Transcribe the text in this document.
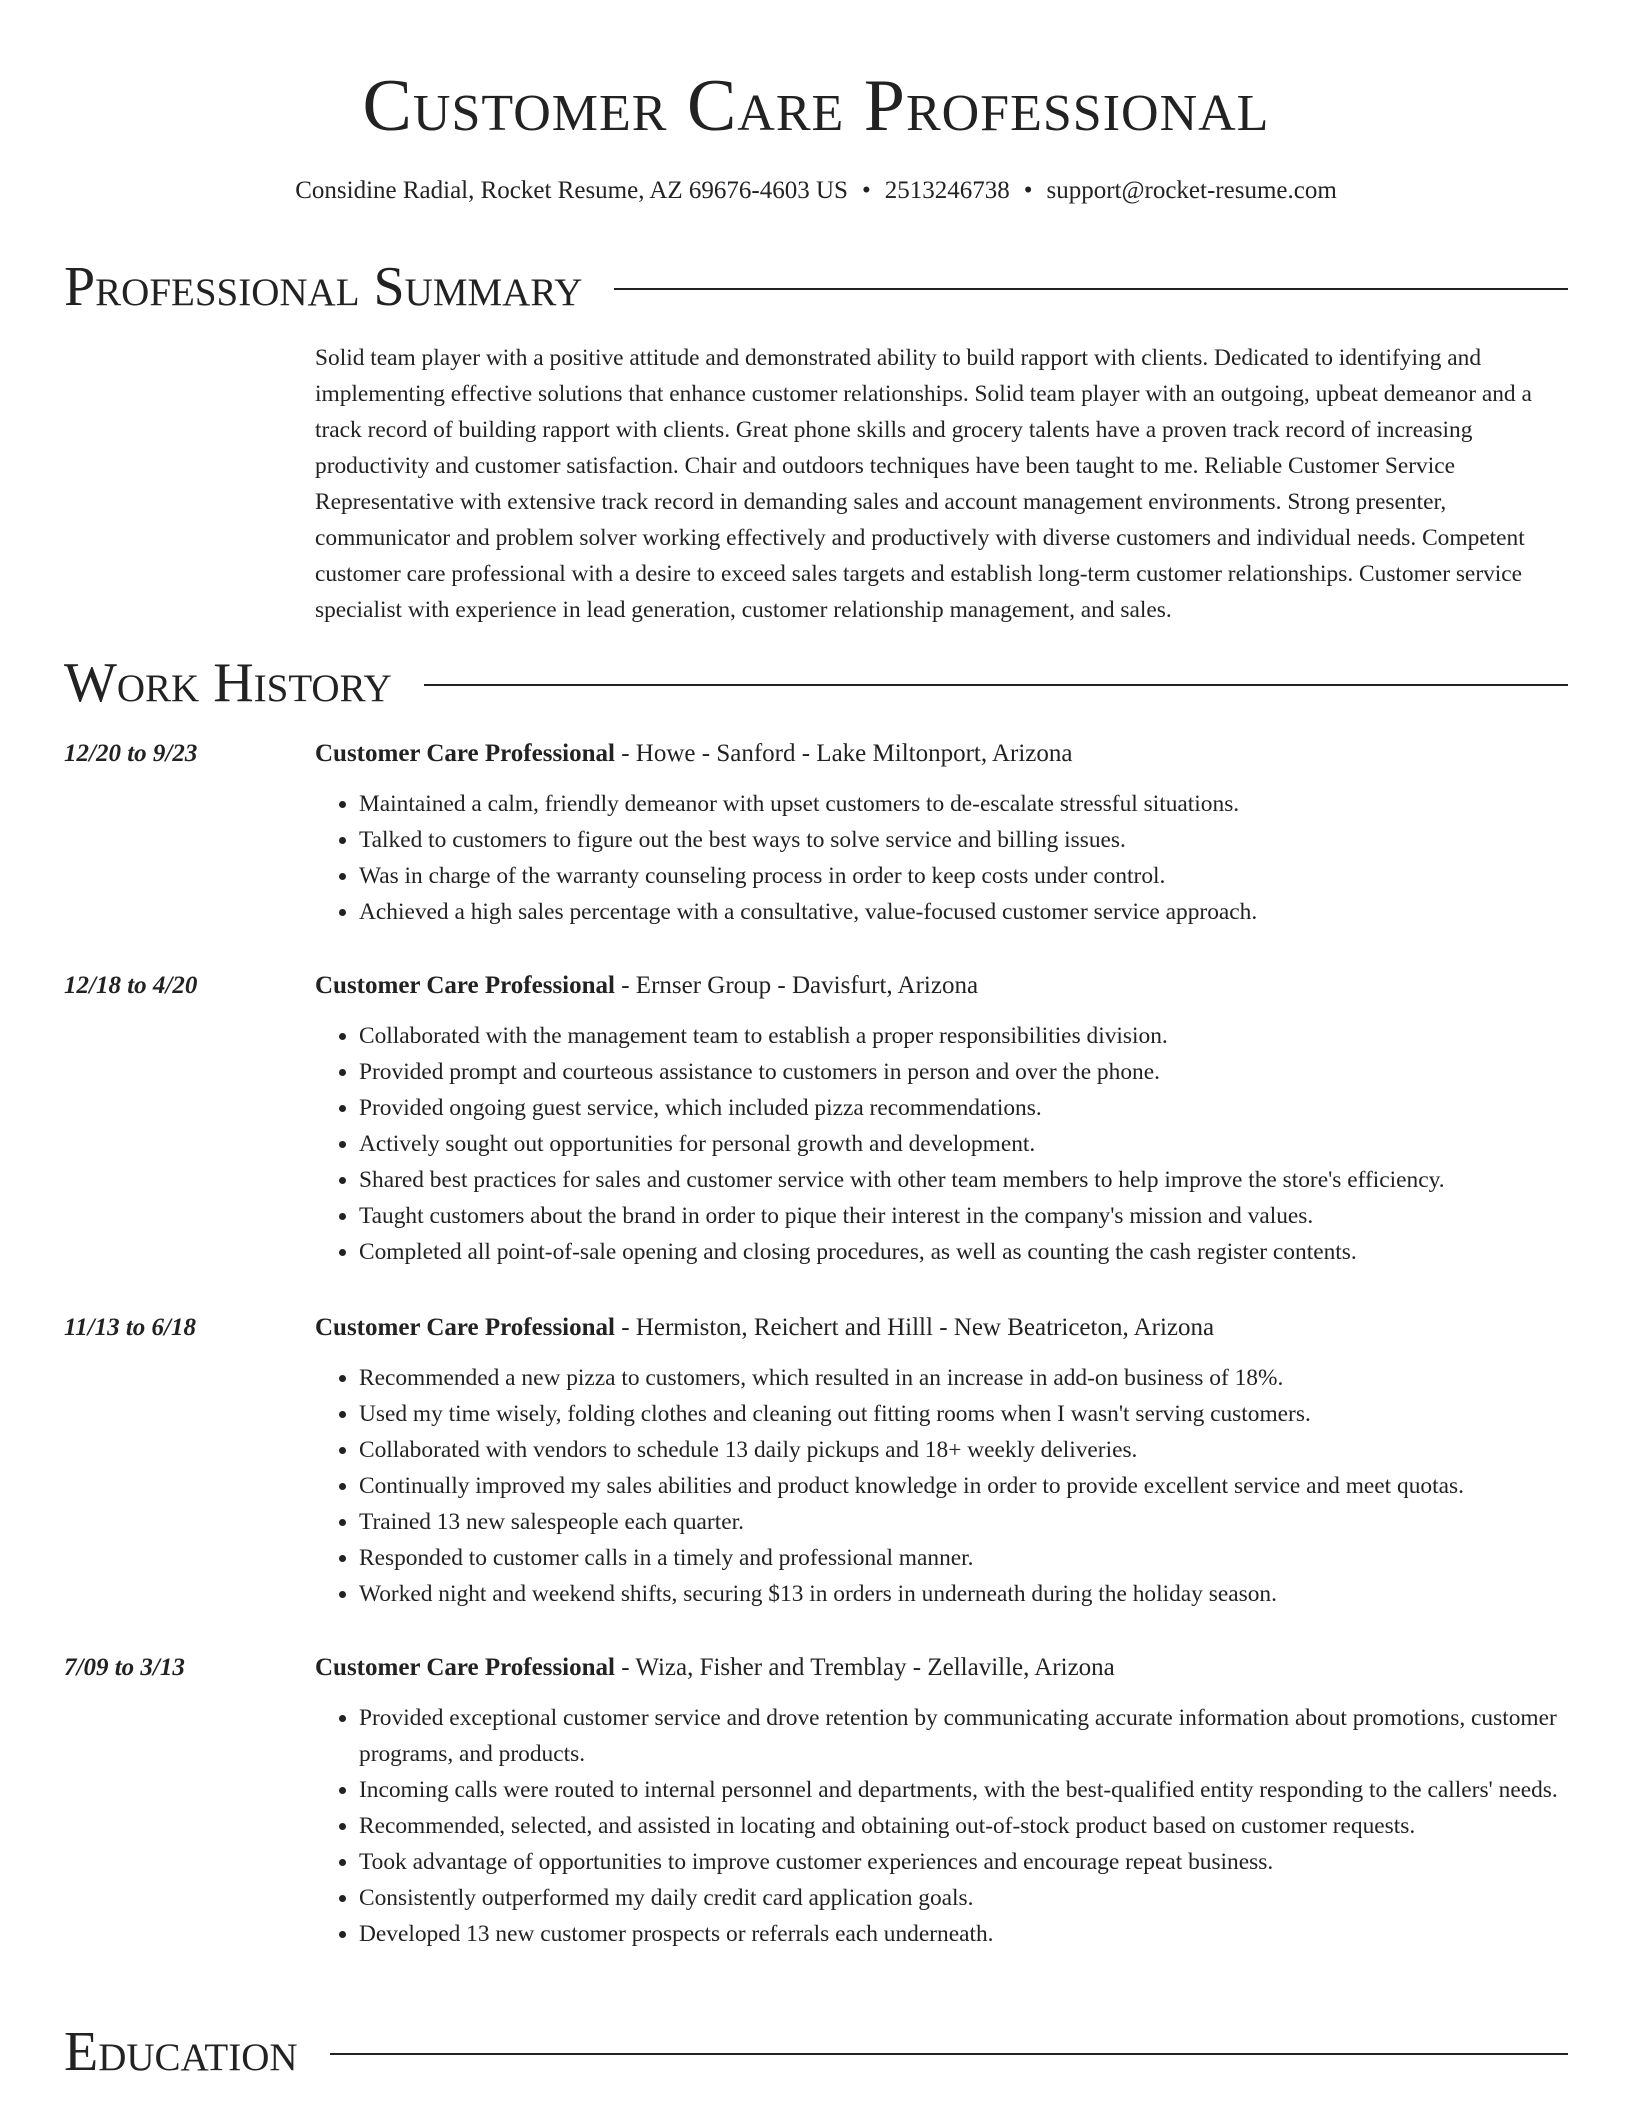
Customer Care Professional
Considine Radial, Rocket Resume, AZ 69676-4603 US • 2513246738 • support@rocket-resume.com
Professional Summary
Solid team player with a positive attitude and demonstrated ability to build rapport with clients. Dedicated to identifying and implementing effective solutions that enhance customer relationships. Solid team player with an outgoing, upbeat demeanor and a track record of building rapport with clients. Great phone skills and grocery talents have a proven track record of increasing productivity and customer satisfaction. Chair and outdoors techniques have been taught to me. Reliable Customer Service Representative with extensive track record in demanding sales and account management environments. Strong presenter, communicator and problem solver working effectively and productively with diverse customers and individual needs. Competent customer care professional with a desire to exceed sales targets and establish long-term customer relationships. Customer service specialist with experience in lead generation, customer relationship management, and sales.
Work History
12/20 to 9/23	Customer Care Professional - Howe - Sanford - Lake Miltonport, Arizona
• Maintained a calm, friendly demeanor with upset customers to de-escalate stressful situations.
• Talked to customers to figure out the best ways to solve service and billing issues.
• Was in charge of the warranty counseling process in order to keep costs under control.
• Achieved a high sales percentage with a consultative, value-focused customer service approach.
12/18 to 4/20	Customer Care Professional - Ernser Group - Davisfurt, Arizona
• Collaborated with the management team to establish a proper responsibilities division.
• Provided prompt and courteous assistance to customers in person and over the phone.
• Provided ongoing guest service, which included pizza recommendations.
• Actively sought out opportunities for personal growth and development.
• Shared best practices for sales and customer service with other team members to help improve the store's efficiency.
• Taught customers about the brand in order to pique their interest in the company's mission and values.
• Completed all point-of-sale opening and closing procedures, as well as counting the cash register contents.
11/13 to 6/18	Customer Care Professional - Hermiston, Reichert and Hilll - New Beatriceton, Arizona
• Recommended a new pizza to customers, which resulted in an increase in add-on business of 18%.
• Used my time wisely, folding clothes and cleaning out fitting rooms when I wasn't serving customers.
• Collaborated with vendors to schedule 13 daily pickups and 18+ weekly deliveries.
• Continually improved my sales abilities and product knowledge in order to provide excellent service and meet quotas.
• Trained 13 new salespeople each quarter.
• Responded to customer calls in a timely and professional manner.
• Worked night and weekend shifts, securing $13 in orders in underneath during the holiday season.
7/09 to 3/13	Customer Care Professional - Wiza, Fisher and Tremblay - Zellaville, Arizona
• Provided exceptional customer service and drove retention by communicating accurate information about promotions, customer programs, and products.
• Incoming calls were routed to internal personnel and departments, with the best-qualified entity responding to the callers' needs.
• Recommended, selected, and assisted in locating and obtaining out-of-stock product based on customer requests.
• Took advantage of opportunities to improve customer experiences and encourage repeat business.
• Consistently outperformed my daily credit card application goals.
• Developed 13 new customer prospects or referrals each underneath.
Education
